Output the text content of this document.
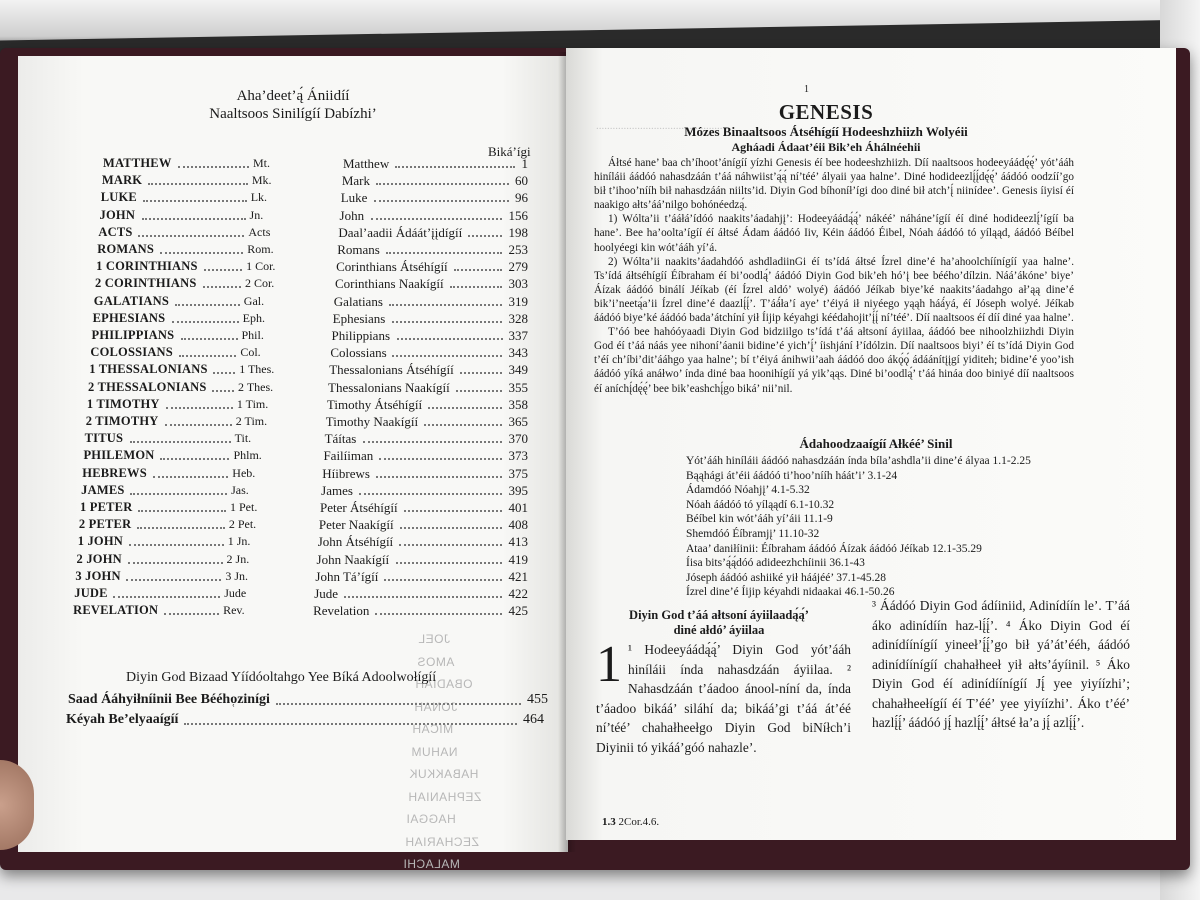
Aha’deet’ą́ Ániidíí
Naaltsoos Sinilígíí Dabízhi’
Biká’ígi
JOEL
AMOS
OBADIAH
JONAH
MICAH
NAHUM
HABAKKUK
ZEPHANIAH
HAGGAI
ZECHARIAH
MALACHI
MATTHEW	Mt.	Matthew	1
MARK	Mk.	Mark	60
LUKE	Lk.	Luke	96
JOHN	Jn.	John	156
ACTS	Acts	Daal’aadii Ádáát’įįdígíí	198
ROMANS	Rom.	Romans	253
1 CORINTHIANS	1 Cor.	Corinthians Átséhígíí	279
2 CORINTHIANS	2 Cor.	Corinthians Naakígíí	303
GALATIANS	Gal.	Galatians	319
EPHESIANS	Eph.	Ephesians	328
PHILIPPIANS	Phil.	Philippians	337
COLOSSIANS	Col.	Colossians	343
1 THESSALONIANS	1 Thes.	Thessalonians Átséhígíí	349
2 THESSALONIANS	2 Thes.	Thessalonians Naakígíí	355
1 TIMOTHY	1 Tim.	Timothy Átséhígíí	358
2 TIMOTHY	2 Tim.	Timothy Naakígíí	365
TITUS	Tit.	Táítas	370
PHILEMON	Phlm.	Failíiman	373
HEBREWS	Heb.	Híibrews	375
JAMES	Jas.	James	395
1 PETER	1 Pet.	Peter Átséhígíí	401
2 PETER	2 Pet.	Peter Naakígíí	408
1 JOHN	1 Jn.	John Átséhígíí	413
2 JOHN	2 Jn.	John Naakígíí	419
3 JOHN	3 Jn.	John Tá’ígíí	421
JUDE	Jude	Jude	422
REVELATION	Rev.	Revelation	425
Diyin God Bizaad Yíídóoltahgo Yee Bíká Adoolwołígíí
Saad Ááhyiłníinii Bee Béého̜zinígi	455
Kéyah Be’elyaaígíí	464
................................................
1
GENESIS
Mózes Binaaltsoos Átséhígíí Hodeeshzhiizh Wolyéii
Agháadi Ádaat’éii Bik’eh Áhálnéehii

Áłtsé hane’ baa ch’íhoot’ánígíí yízhi Genesis éí bee hodeeshzhiizh. Díí naaltsoos hodeeyáádę́ę́’ yót’ááh hiníláii áádóó nahasdzáán t’áá náhwiist’ą́ą́ ní’téé’ ályaii yaa halne’. Diné hodideezlį́į́dę́ę́’ áádóó oodzíí’go bił t’ihoo’nííh bił nahasdzáán niilts’id. Diyin God bíhoníł’ígi doo diné bił atch’į́ niinídee’. Genesis íiyisí éí naakigo ałts’áá’nilgo bohónéedzą́.

1) Wólta’ii t’ááłá’ídóó naakits’áadahjį’: Hodeeyáádą́ą́’ nákéé’ náháne’ígíí éí diné hodideezlį́’ígíí ba hane’. Bee ha’oolta’ígíí éí áłtsé Ádam áádóó Iiv, Kéin áádóó Éibel, Nóah áádóó tó yíląąd, áádóó Béíbel hoolyéegi kin wót’ááh yí’á.

2) Wólta’ii naakits’áadahdóó ashdladiinGi éí ts’ídá áłtsé Ízrel dine’é ha’ahoolchíínígíí yaa halne’. Ts’ídá áłtséhígíí Éíbraham éí bi’oodlą́’ áádóó Diyin God bik’eh hó’į bee béého’dílzin. Náá’ákóne’ biye’ Áízak áádóó binálí Jéíkab (éí Ízrel aldó’ wolyé) áádóó Jéíkab biye’ké naakits’áadahgo ał’ąą dine’é bik’i’neetą́a’ii Ízrel dine’é daazlį́į́’. T’áá́ła’í aye’ t’éiyá ił niyéego yąąh háá́yá, éí Jóseph wolyé. Jéíkab áádóó biye’ké áádóó bada’átchíní yił Íijip kéyahgi kéédahojit’į́į́ ní’téé’. Díí naaltsoos éí díí diné yaa halne’.

T’óó bee hahóóyaadi Diyin God bidziilgo ts’ídá t’áá ałtsoní áyiilaa, áádóó bee nihoolzhiizhdi Diyin God éí t’áá náás yee nihoní’áanii bidine’é yich’į́’ íishjání ł’ídólzin. Díí naaltsoos biyi’ éí ts’ídá Diyin God t’éí ch’íbi’dit’ááhgo yaa halne’; bí t’éiyá ánihwii’aah áádóó doo ákǫ́ǫ́ ádáánítįįgí yiditeh; bidine’é yoo’ish áádóó yíká anáłwo’ índa diné baa hoonihígíí yá yik’ąąs. Diné bi’oodlą́’ t’áá hináa doo biniyé díí naaltsoos éí aníchį́dę́ę́’ bee bik’eashchį́go biká’ nii’nil.

Ádahoodzaaígíí Ałkéé’ Sinil
Yót’ááh hiníláii áádóó nahasdzáán índa bíla’ashdla’ii dine’é ályaa 1.1-2.25
Bąąhági át’éii áádóó ti’hoo’nííh háát’i’ 3.1-24
Ádamdóó Nóahjį’ 4.1-5.32
Nóah áádóó tó yíląądí 6.1-10.32
Béíbel kin wót’ááh yí’áii 11.1-9
Shemdóó Éíbramjį’ 11.10-32
Ataa’ daniłíinii: Éíbraham áádóó Áízak áádóó Jéíkab 12.1-35.29
Íisa bits’ą́ą́dóó adideezhchíinii 36.1-43
Jóseph áádóó ashiiké yił háájéé’ 37.1-45.28
Ízrel dine’é Íijip kéyahdi nidaakai 46.1-50.26
Diyin God t’áá ałtsoní áyiilaadą́ą́’
diné ałdó’ áyiilaa
1 ¹ Hodeeyáádą́ą́’ Diyin God yót’ááh hiníláii índa nahasdzáán áyiilaa. ² Nahasdzáán t’áadoo ánool-níní da, índa t’áadoo bikáá’ siláhí da; bikáá’gi t’áá át’éé ní’téé’ chahałheełgo Diyin God biNíłch’i Diyinii tó yikáá’góó nahazle’.
³ Áádóó Diyin God ádíiniid, Adinídíín le’. T’áá áko adinídíín haz-lį́į́’. ⁴ Áko Diyin God éí adinídíínígíí yineeł’į́į́’go bił yá’át’ééh, áádóó adinídíínígíí chahałheeł yił ałts’áyíinil. ⁵ Áko Diyin God éí adinídíínígíí Jį́ yee yiyíízhi’; chahałheełígíí éí T’ééʼ yee yiyíízhi’. Áko t’ééʼ hazlį́į́’ áádóó jį́ hazlį́į́’ áłtsé ła’a jį́ azlį́į́’.
1.3 2Cor.4.6.
